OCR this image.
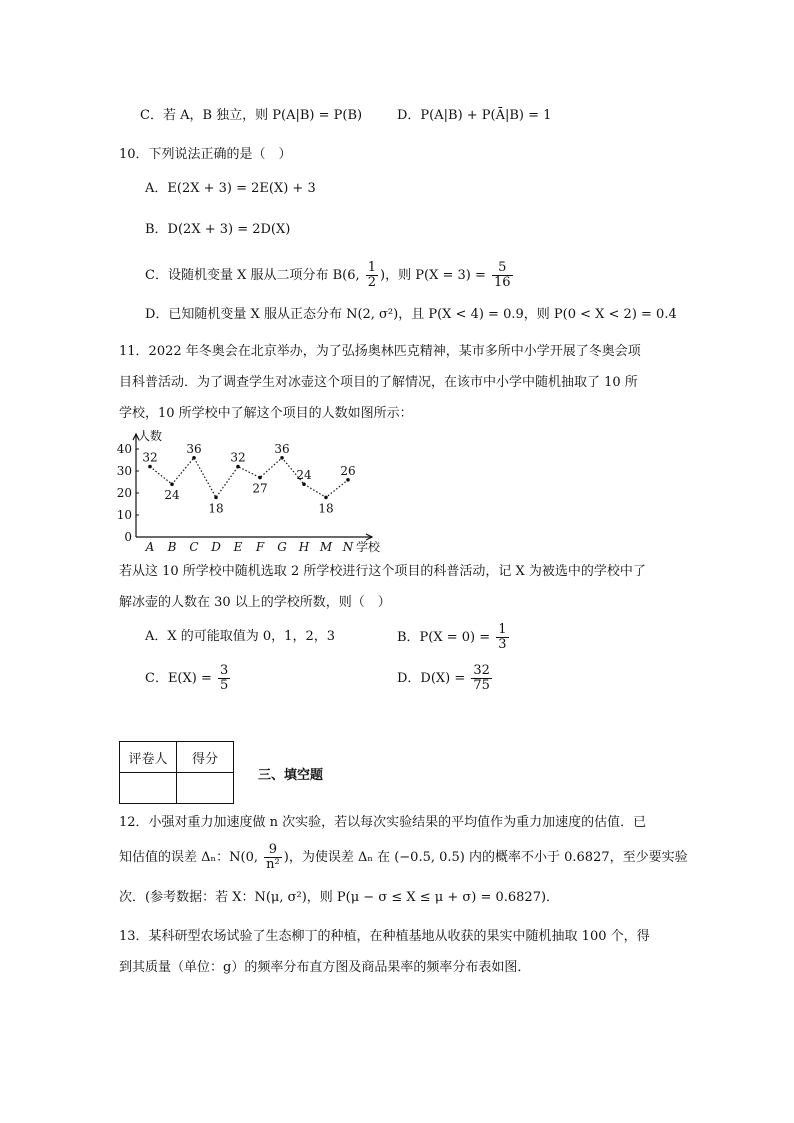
C．若 A，B 独立，则 P(A|B) = P(B)	D．P(A|B) + P(Ā|B) = 1
10．下列说法正确的是（　）
A．E(2X + 3) = 2E(X) + 3
B．D(2X + 3) = 2D(X)
C．设随机变量 X 服从二项分布 B(6, $\frac{1}{2}$ )，则 $P(X = 3) = \frac{5}{16}$
D．已知随机变量 X 服从正态分布 N(2, σ²)，且 P(X < 4) = 0.9，则 P(0 < X < 2) = 0.4
11．2022 年冬奥会在北京举办，为了弘扬奥林匹克精神，某市多所中小学开展了冬奥会项
目科普活动．为了调查学生对冰壶这个项目的了解情况，在该市中小学中随机抽取了 10 所
学校，10 所学校中了解这个项目的人数如图所示：
0
10
20
30
40
A B C D E F G H M N
32
24
36
18
32
27
36
24
18
26
人数
学校
若从这 10 所学校中随机选取 2 所学校进行这个项目的科普活动，记 X 为被选中的学校中了
解冰壶的人数在 30 以上的学校所数，则（　）
A．X 的可能取值为 0，1，2，3	B．$P(X = 0) = \frac{1}{3}$
C．$E(X) = \frac{3}{5}$	D．$D(X) = \frac{32}{75}$
评卷人	得分

三、填空题
12．小强对重力加速度做 n 次实验，若以每次实验结果的平均值作为重力加速度的估值．已
知估值的误差 Δₙ：N(0, $\frac{9}{\text{n²}}$ )，为使误差 Δₙ 在 (−0.5, 0.5) 内的概率不小于 0.6827，至少要实验
次．(参考数据：若 X：N(μ, σ²)，则 P(μ − σ ≤ X ≤ μ + σ) = 0.6827)．
13．某科研型农场试验了生态柳丁的种植，在种植基地从收获的果实中随机抽取 100 个，得
到其质量（单位：g）的频率分布直方图及商品果率的频率分布表如图．
